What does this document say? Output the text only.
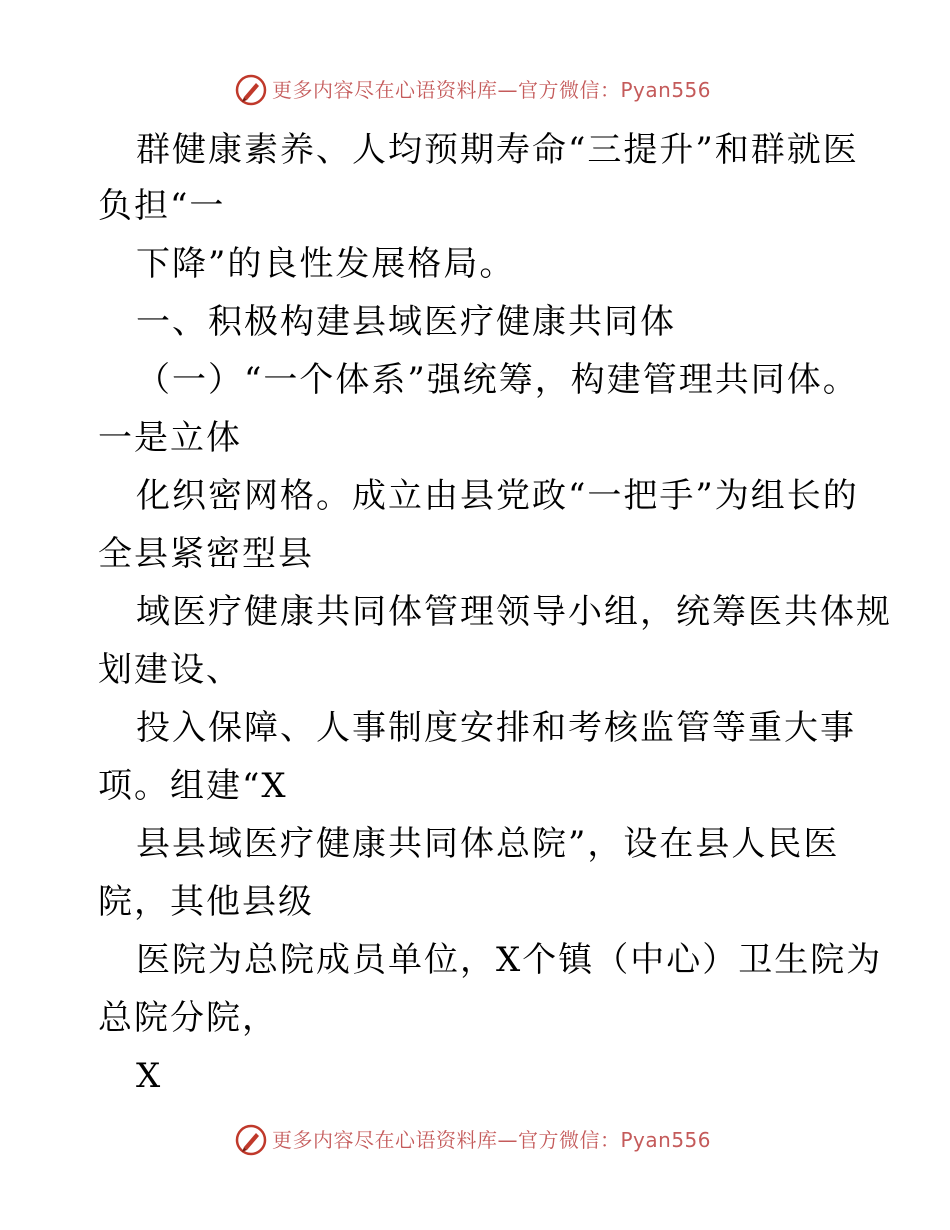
更多内容尽在心语资料库—官方微信：Pyan556
群健康素养、人均预期寿命“三提升”和群就医
负担“一
下降”的良性发展格局。
一、积极构建县域医疗健康共同体
（一）“一个体系”强统筹，构建管理共同体。
一是立体
化织密网格。成立由县党政“一把手”为组长的
全县紧密型县
域医疗健康共同体管理领导小组，统筹医共体规
划建设、
投入保障、人事制度安排和考核监管等重大事
项。组建“X
县县域医疗健康共同体总院”，设在县人民医
院，其他县级
医院为总院成员单位，X个镇（中心）卫生院为
总院分院，
X
更多内容尽在心语资料库—官方微信：Pyan556
